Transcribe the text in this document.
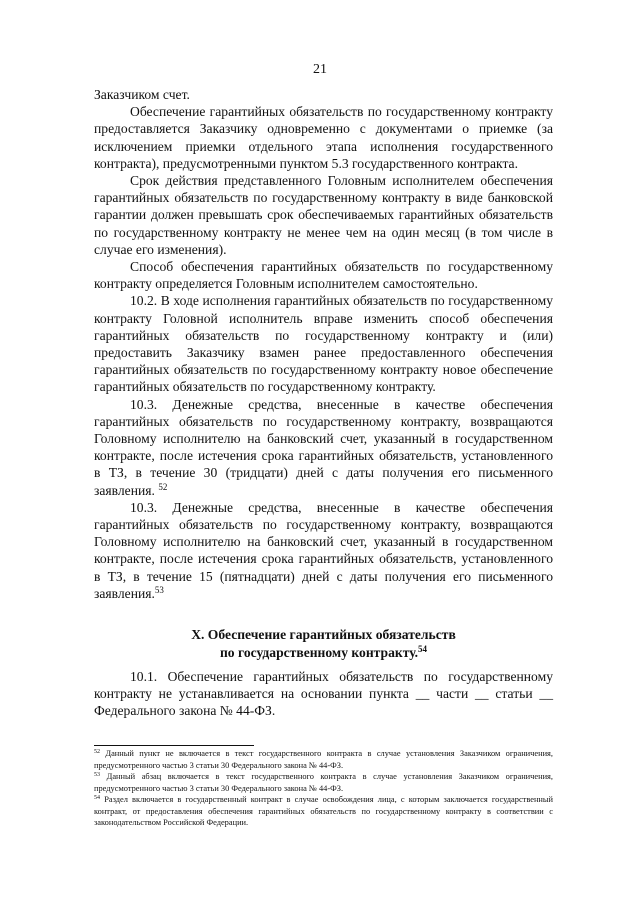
21

Заказчиком счет.

Обеспечение гарантийных обязательств по государственному контракту предоставляется Заказчику одновременно с документами о приемке (за исключением приемки отдельного этапа исполнения государственного контракта), предусмотренными пунктом 5.3 государственного контракта.

Срок действия представленного Головным исполнителем обеспечения гарантийных обязательств по государственному контракту в виде банковской гарантии должен превышать срок обеспечиваемых гарантийных обязательств по государственному контракту не менее чем на один месяц (в том числе в случае его изменения).

Способ обеспечения гарантийных обязательств по государственному контракту определяется Головным исполнителем самостоятельно.

10.2. В ходе исполнения гарантийных обязательств по государственному контракту Головной исполнитель вправе изменить способ обеспечения гарантийных обязательств по государственному контракту и (или) предоставить Заказчику взамен ранее предоставленного обеспечения гарантийных обязательств по государственному контракту новое обеспечение гарантийных обязательств по государственному контракту.

10.3. Денежные средства, внесенные в качестве обеспечения гарантийных обязательств по государственному контракту, возвращаются Головному исполнителю на банковский счет, указанный в государственном контракте, после истечения срока гарантийных обязательств, установленного в ТЗ, в течение 30 (тридцати) дней с даты получения его письменного заявления. $^{52}$

10.3. Денежные средства, внесенные в качестве обеспечения гарантийных обязательств по государственному контракту, возвращаются Головному исполнителю на банковский счет, указанный в государственном контракте, после истечения срока гарантийных обязательств, установленного в ТЗ, в течение 15 (пятнадцати) дней с даты получения его письменного заявления.$^{53}$

X. Обеспечение гарантийных обязательств
по государственному контракту.$^{54}$

10.1. Обеспечение гарантийных обязательств по государственному контракту не устанавливается на основании пункта __ части __ статьи __ Федерального закона № 44-ФЗ.

$^{52}$ Данный пункт не включается в текст государственного контракта в случае установления Заказчиком ограничения, предусмотренного частью 3 статьи 30 Федерального закона № 44-ФЗ.

$^{53}$ Данный абзац включается в текст государственного контракта в случае установления Заказчиком ограничения, предусмотренного частью 3 статьи 30 Федерального закона № 44-ФЗ.

$^{54}$ Раздел включается в государственный контракт в случае освобождения лица, с которым заключается государственный контракт, от предоставления обеспечения гарантийных обязательств по государственному контракту в соответствии с законодательством Российской Федерации.
